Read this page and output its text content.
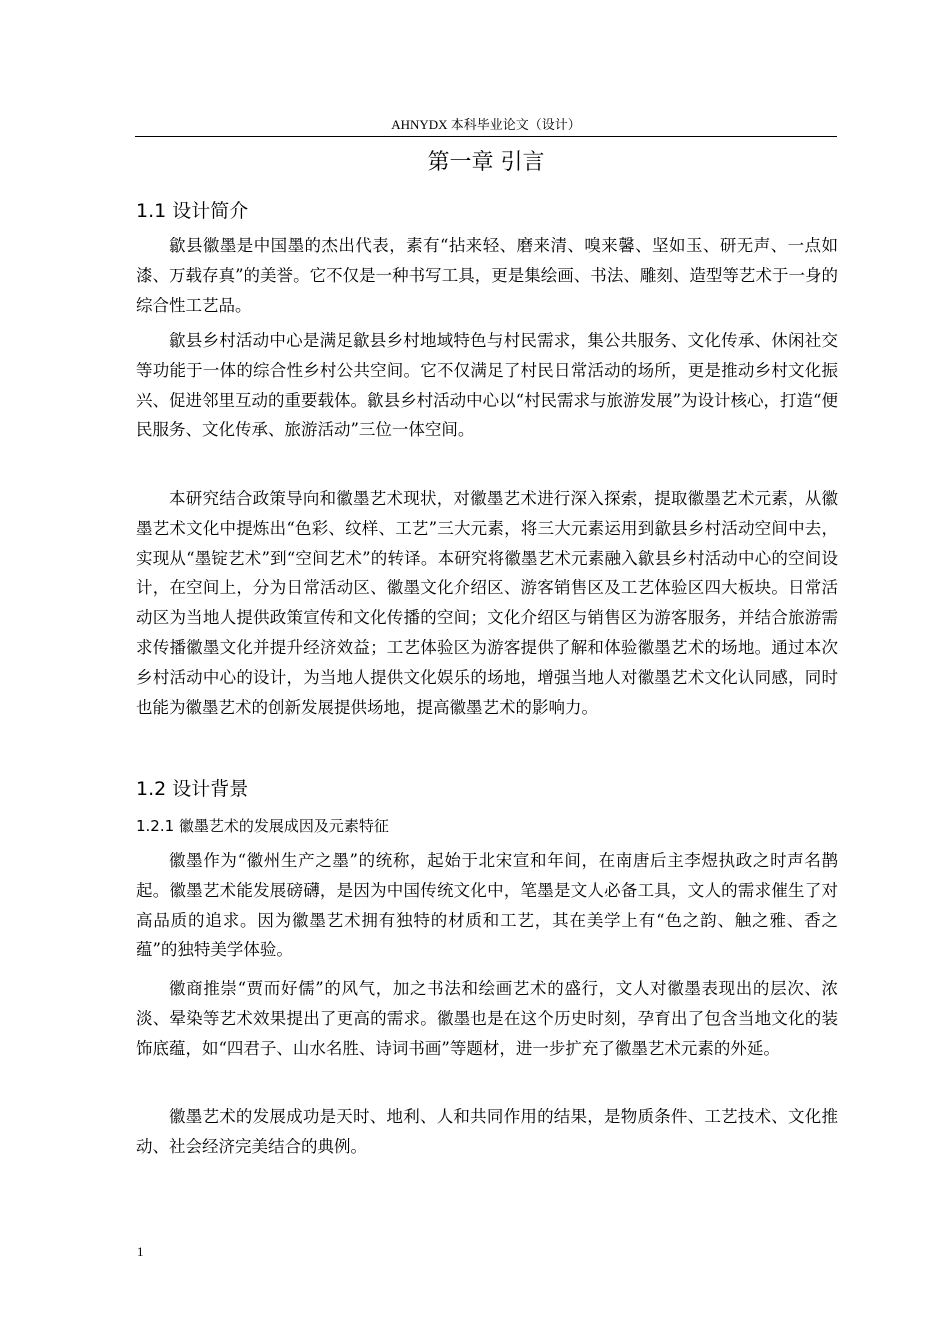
AHNYDX 本科毕业论文（设计）
第一章 引言
1.1 设计简介

歙县徽墨是中国墨的杰出代表，素有“拈来轻、磨来清、嗅来馨、坚如玉、研无声、一点如漆、万载存真”的美誉。它不仅是一种书写工具，更是集绘画、书法、雕刻、造型等艺术于一身的综合性工艺品。

歙县乡村活动中心是满足歙县乡村地域特色与村民需求，集公共服务、文化传承、休闲社交等功能于一体的综合性乡村公共空间。它不仅满足了村民日常活动的场所，更是推动乡村文化振兴、促进邻里互动的重要载体。歙县乡村活动中心以“村民需求与旅游发展”为设计核心，打造“便民服务、文化传承、旅游活动”三位一体空间。

本研究结合政策导向和徽墨艺术现状，对徽墨艺术进行深入探索，提取徽墨艺术元素，从徽墨艺术文化中提炼出“色彩、纹样、工艺”三大元素，将三大元素运用到歙县乡村活动空间中去，实现从“墨锭艺术”到“空间艺术”的转译。本研究将徽墨艺术元素融入歙县乡村活动中心的空间设计，在空间上，分为日常活动区、徽墨文化介绍区、游客销售区及工艺体验区四大板块。日常活动区为当地人提供政策宣传和文化传播的空间；文化介绍区与销售区为游客服务，并结合旅游需求传播徽墨文化并提升经济效益；工艺体验区为游客提供了解和体验徽墨艺术的场地。通过本次乡村活动中心的设计，为当地人提供文化娱乐的场地，增强当地人对徽墨艺术文化认同感，同时也能为徽墨艺术的创新发展提供场地，提高徽墨艺术的影响力。

1.2 设计背景
1.2.1 徽墨艺术的发展成因及元素特征

徽墨作为“徽州生产之墨”的统称，起始于北宋宣和年间，在南唐后主李煜执政之时声名鹊起。徽墨艺术能发展磅礴，是因为中国传统文化中，笔墨是文人必备工具，文人的需求催生了对高品质的追求。因为徽墨艺术拥有独特的材质和工艺，其在美学上有“色之韵、触之雅、香之蕴”的独特美学体验。

徽商推崇“贾而好儒”的风气，加之书法和绘画艺术的盛行，文人对徽墨表现出的层次、浓淡、晕染等艺术效果提出了更高的需求。徽墨也是在这个历史时刻，孕育出了包含当地文化的装饰底蕴，如“四君子、山水名胜、诗词书画”等题材，进一步扩充了徽墨艺术元素的外延。

徽墨艺术的发展成功是天时、地利、人和共同作用的结果，是物质条件、工艺技术、文化推动、社会经济完美结合的典例。

1
